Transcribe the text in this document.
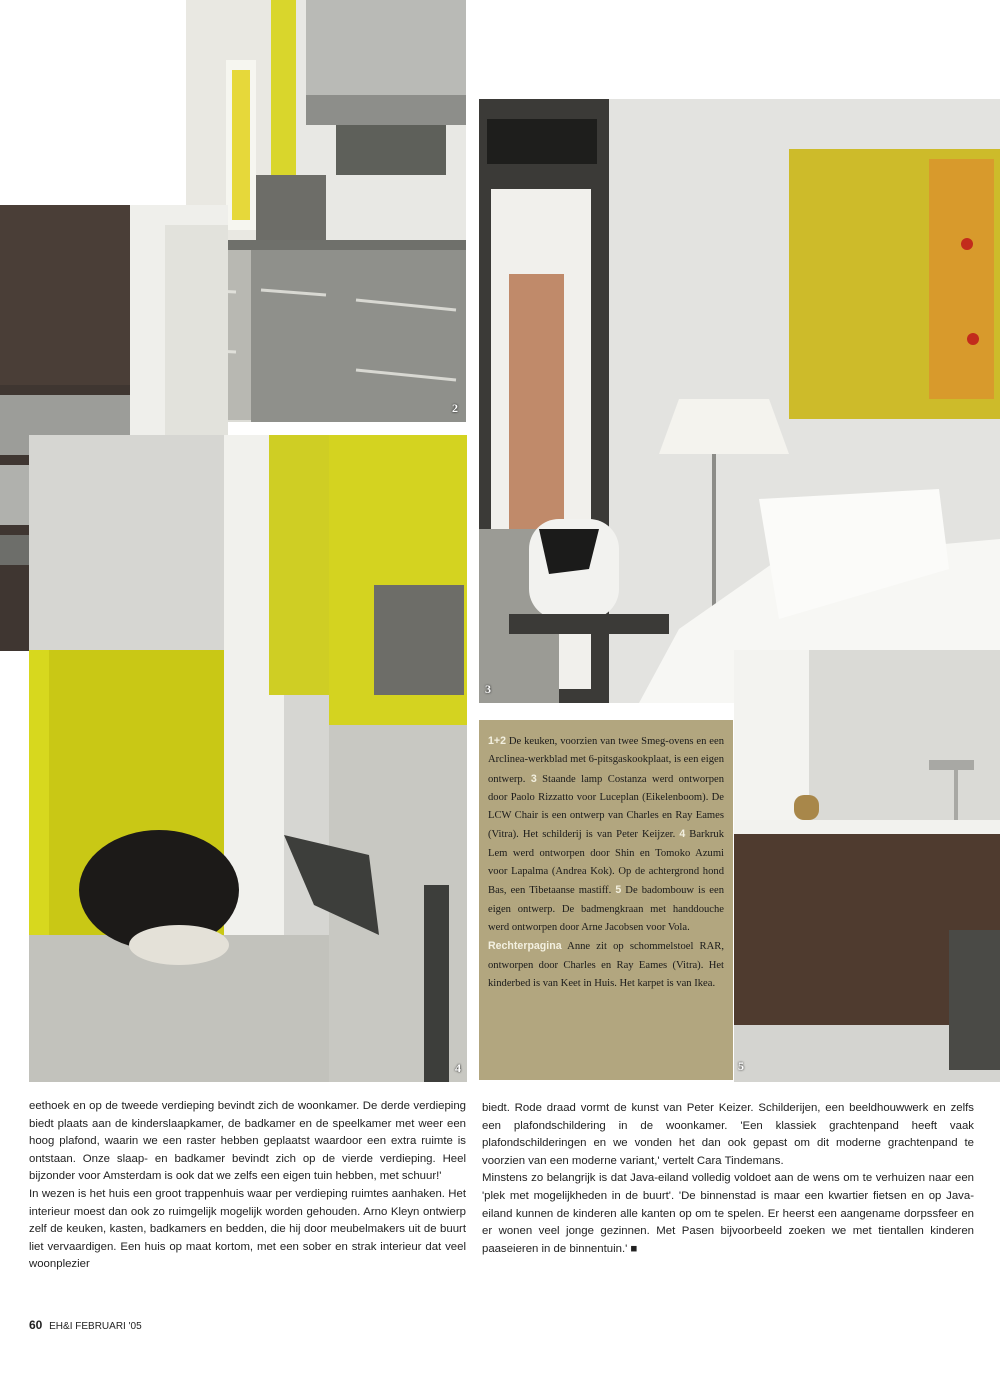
2
3
4	5

1+2 De keuken, voorzien van twee Smeg-ovens en een Arclinea-werkblad met 6-pitsgaskookplaat, is een eigen ontwerp. 3 Staande lamp Costanza werd ontworpen door Paolo Rizzatto voor Luceplan (Eikelenboom). De LCW Chair is een ontwerp van Charles en Ray Eames (Vitra). Het schilderij is van Peter Keijzer. 4 Barkruk Lem werd ontworpen door Shin en Tomoko Azumi voor Lapalma (Andrea Kok). Op de achtergrond hond Bas, een Tibetaanse mastiff. 5 De badombouw is een eigen ontwerp. De badmengkraan met handdouche werd ontworpen door Arne Jacobsen voor Vola.

Rechterpagina Anne zit op schommelstoel RAR, ontworpen door Charles en Ray Eames (Vitra). Het kinderbed is van Keet in Huis. Het karpet is van Ikea.

eethoek en op de tweede verdieping bevindt zich de woonkamer. De derde verdieping biedt plaats aan de kinderslaapkamer, de badkamer en de speelkamer met weer een hoog plafond, waarin we een raster hebben geplaatst waardoor een extra ruimte is ontstaan. Onze slaap- en badkamer bevindt zich op de vierde verdieping. Heel bijzonder voor Amsterdam is ook dat we zelfs een eigen tuin hebben, met schuur!'

In wezen is het huis een groot trappenhuis waar per verdieping ruimtes aanhaken. Het interieur moest dan ook zo ruimgelijk mogelijk worden gehouden. Arno Kleyn ontwierp zelf de keuken, kasten, badkamers en bedden, die hij door meubelmakers uit de buurt liet vervaardigen. Een huis op maat kortom, met een sober en strak interieur dat veel woonplezier

biedt. Rode draad vormt de kunst van Peter Keizer. Schilderijen, een beeldhouwwerk en zelfs een plafondschildering in de woonkamer. 'Een klassiek grachtenpand heeft vaak plafondschilderingen en we vonden het dan ook gepast om dit moderne grachtenpand te voorzien van een moderne variant,' vertelt Cara Tindemans.

Minstens zo belangrijk is dat Java-eiland volledig voldoet aan de wens om te verhuizen naar een 'plek met mogelijkheden in de buurt'. 'De binnenstad is maar een kwartier fietsen en op Java-eiland kunnen de kinderen alle kanten op om te spelen. Er heerst een aangename dorpssfeer en er wonen veel jonge gezinnen. Met Pasen bijvoorbeeld zoeken we met tientallen kinderen paaseieren in de binnentuin.' ■

60 EH&I FEBRUARI '05
